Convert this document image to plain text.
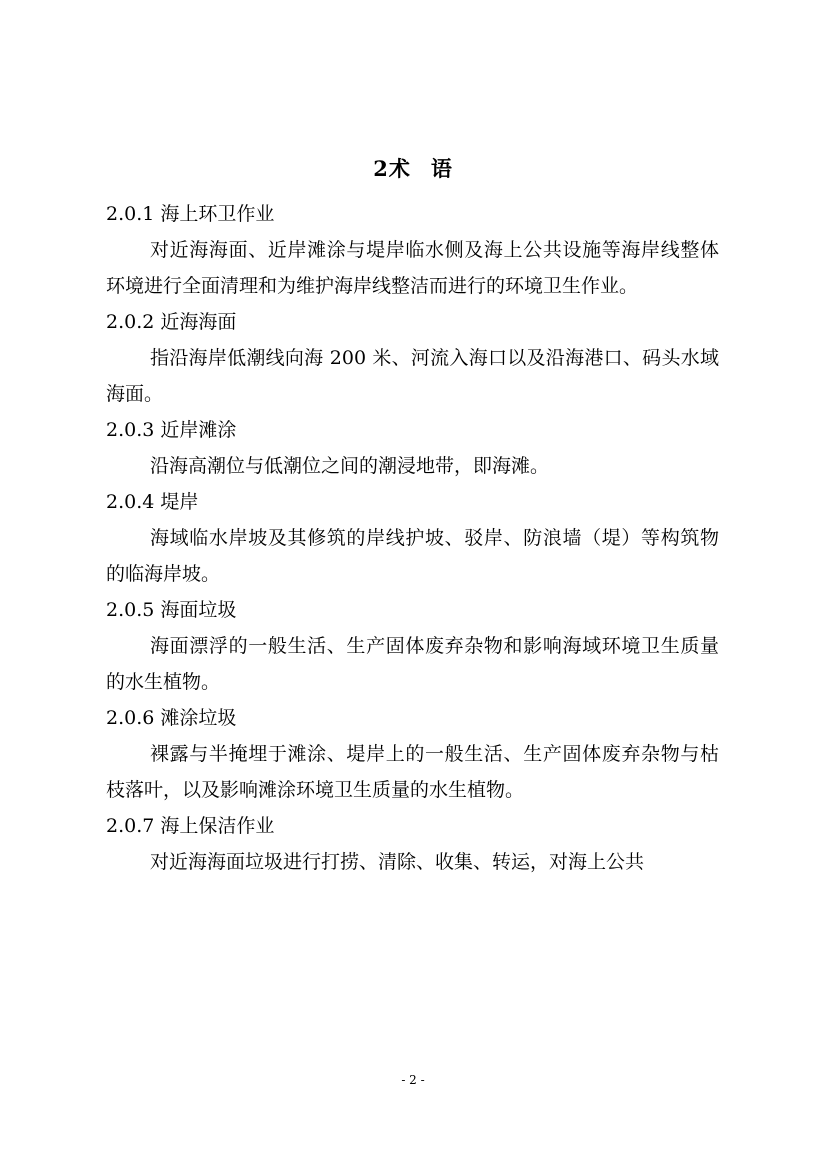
2术 语

2.0.1 海上环卫作业

对近海海面、近岸滩涂与堤岸临水侧及海上公共设施等海岸线整体环境进行全面清理和为维护海岸线整洁而进行的环境卫生作业。

2.0.2 近海海面

指沿海岸低潮线向海 200 米、河流入海口以及沿海港口、码头水域海面。

2.0.3 近岸滩涂

沿海高潮位与低潮位之间的潮浸地带，即海滩。

2.0.4 堤岸

海域临水岸坡及其修筑的岸线护坡、驳岸、防浪墙（堤）等构筑物的临海岸坡。

2.0.5 海面垃圾

海面漂浮的一般生活、生产固体废弃杂物和影响海域环境卫生质量的水生植物。

2.0.6 滩涂垃圾

裸露与半掩埋于滩涂、堤岸上的一般生活、生产固体废弃杂物与枯枝落叶，以及影响滩涂环境卫生质量的水生植物。

2.0.7 海上保洁作业

对近海海面垃圾进行打捞、清除、收集、转运，对海上公共

- 2 -
